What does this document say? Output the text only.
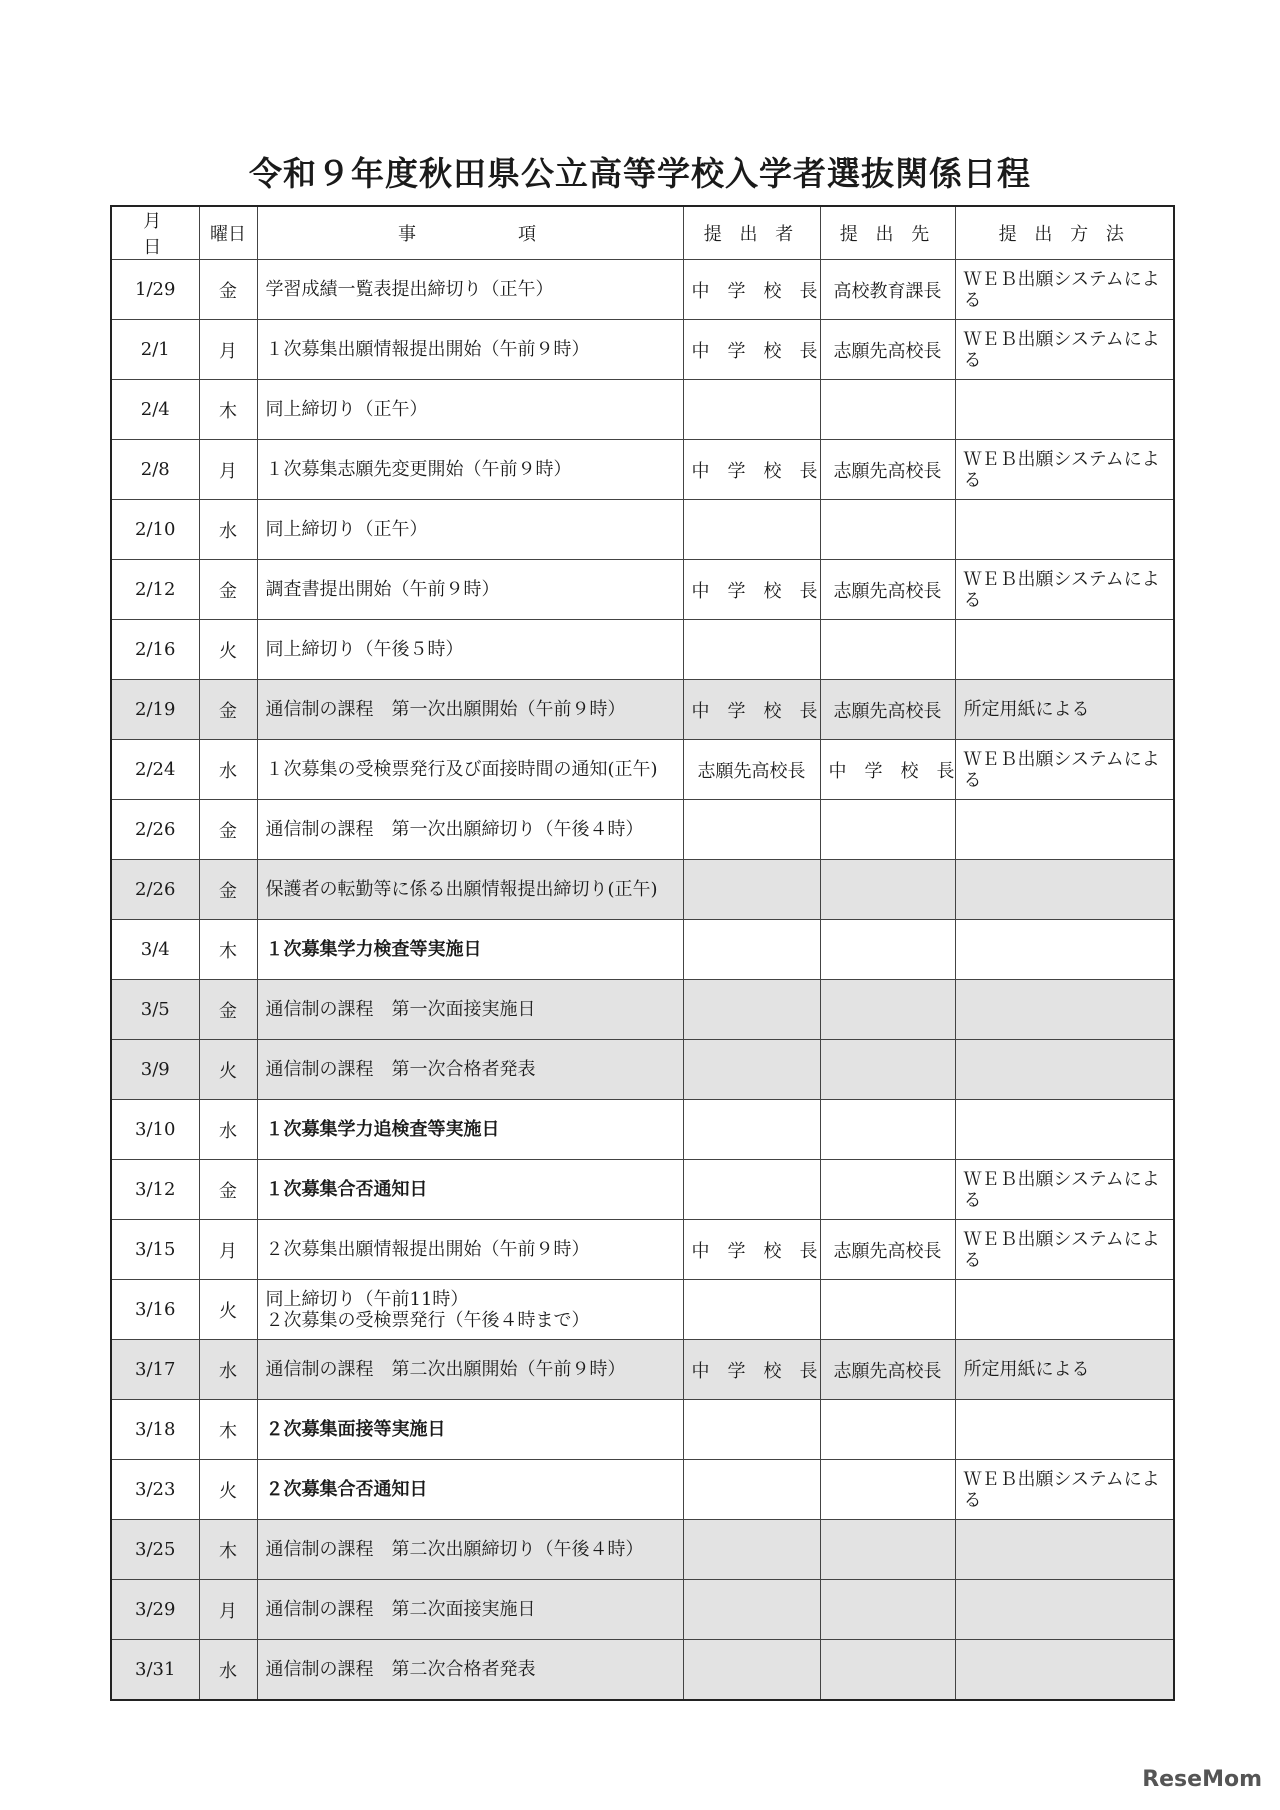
令和９年度秋田県公立高等学校入学者選抜関係日程
月　日	曜日	事　　　　項	提 出 者	提 出 先	提 出 方 法
1/29	金	学習成績一覧表提出締切り（正午）	中　学　校　長	高校教育課長	ＷＥＢ出願システムによる
2/1	月	１次募集出願情報提出開始（午前９時）	中　学　校　長	志願先高校長	ＷＥＢ出願システムによる
2/4	木	同上締切り（正午）			

2/8	月	１次募集志願先変更開始（午前９時）	中　学　校　長	志願先高校長	ＷＥＢ出願システムによる
2/10	水	同上締切り（正午）			

2/12	金	調査書提出開始（午前９時）	中　学　校　長	志願先高校長	ＷＥＢ出願システムによる
2/16	火	同上締切り（午後５時）			

2/19	金	通信制の課程　第一次出願開始（午前９時）	中　学　校　長	志願先高校長	所定用紙による
2/24	水	１次募集の受検票発行及び面接時間の通知(正午)	志願先高校長	中　学　校　長	ＷＥＢ出願システムによる
2/26	金	通信制の課程　第一次出願締切り（午後４時）			

2/26	金	保護者の転勤等に係る出願情報提出締切り(正午)			

3/4	木	１次募集学力検査等実施日			

3/5	金	通信制の課程　第一次面接実施日			

3/9	火	通信制の課程　第一次合格者発表			

3/10	水	１次募集学力追検査等実施日			

3/12	金	１次募集合否通知日			ＷＥＢ出願システムによる
3/15	月	２次募集出願情報提出開始（午前９時）	中　学　校　長	志願先高校長	ＷＥＢ出願システムによる
3/16	火	同上締切り（午前11時）
２次募集の受検票発行（午後４時まで）			

3/17	水	通信制の課程　第二次出願開始（午前９時）	中　学　校　長	志願先高校長	所定用紙による
3/18	木	２次募集面接等実施日			

3/23	火	２次募集合否通知日			ＷＥＢ出願システムによる
3/25	木	通信制の課程　第二次出願締切り（午後４時）			

3/29	月	通信制の課程　第二次面接実施日			

3/31	水	通信制の課程　第二次合格者発表			

ReseMom
